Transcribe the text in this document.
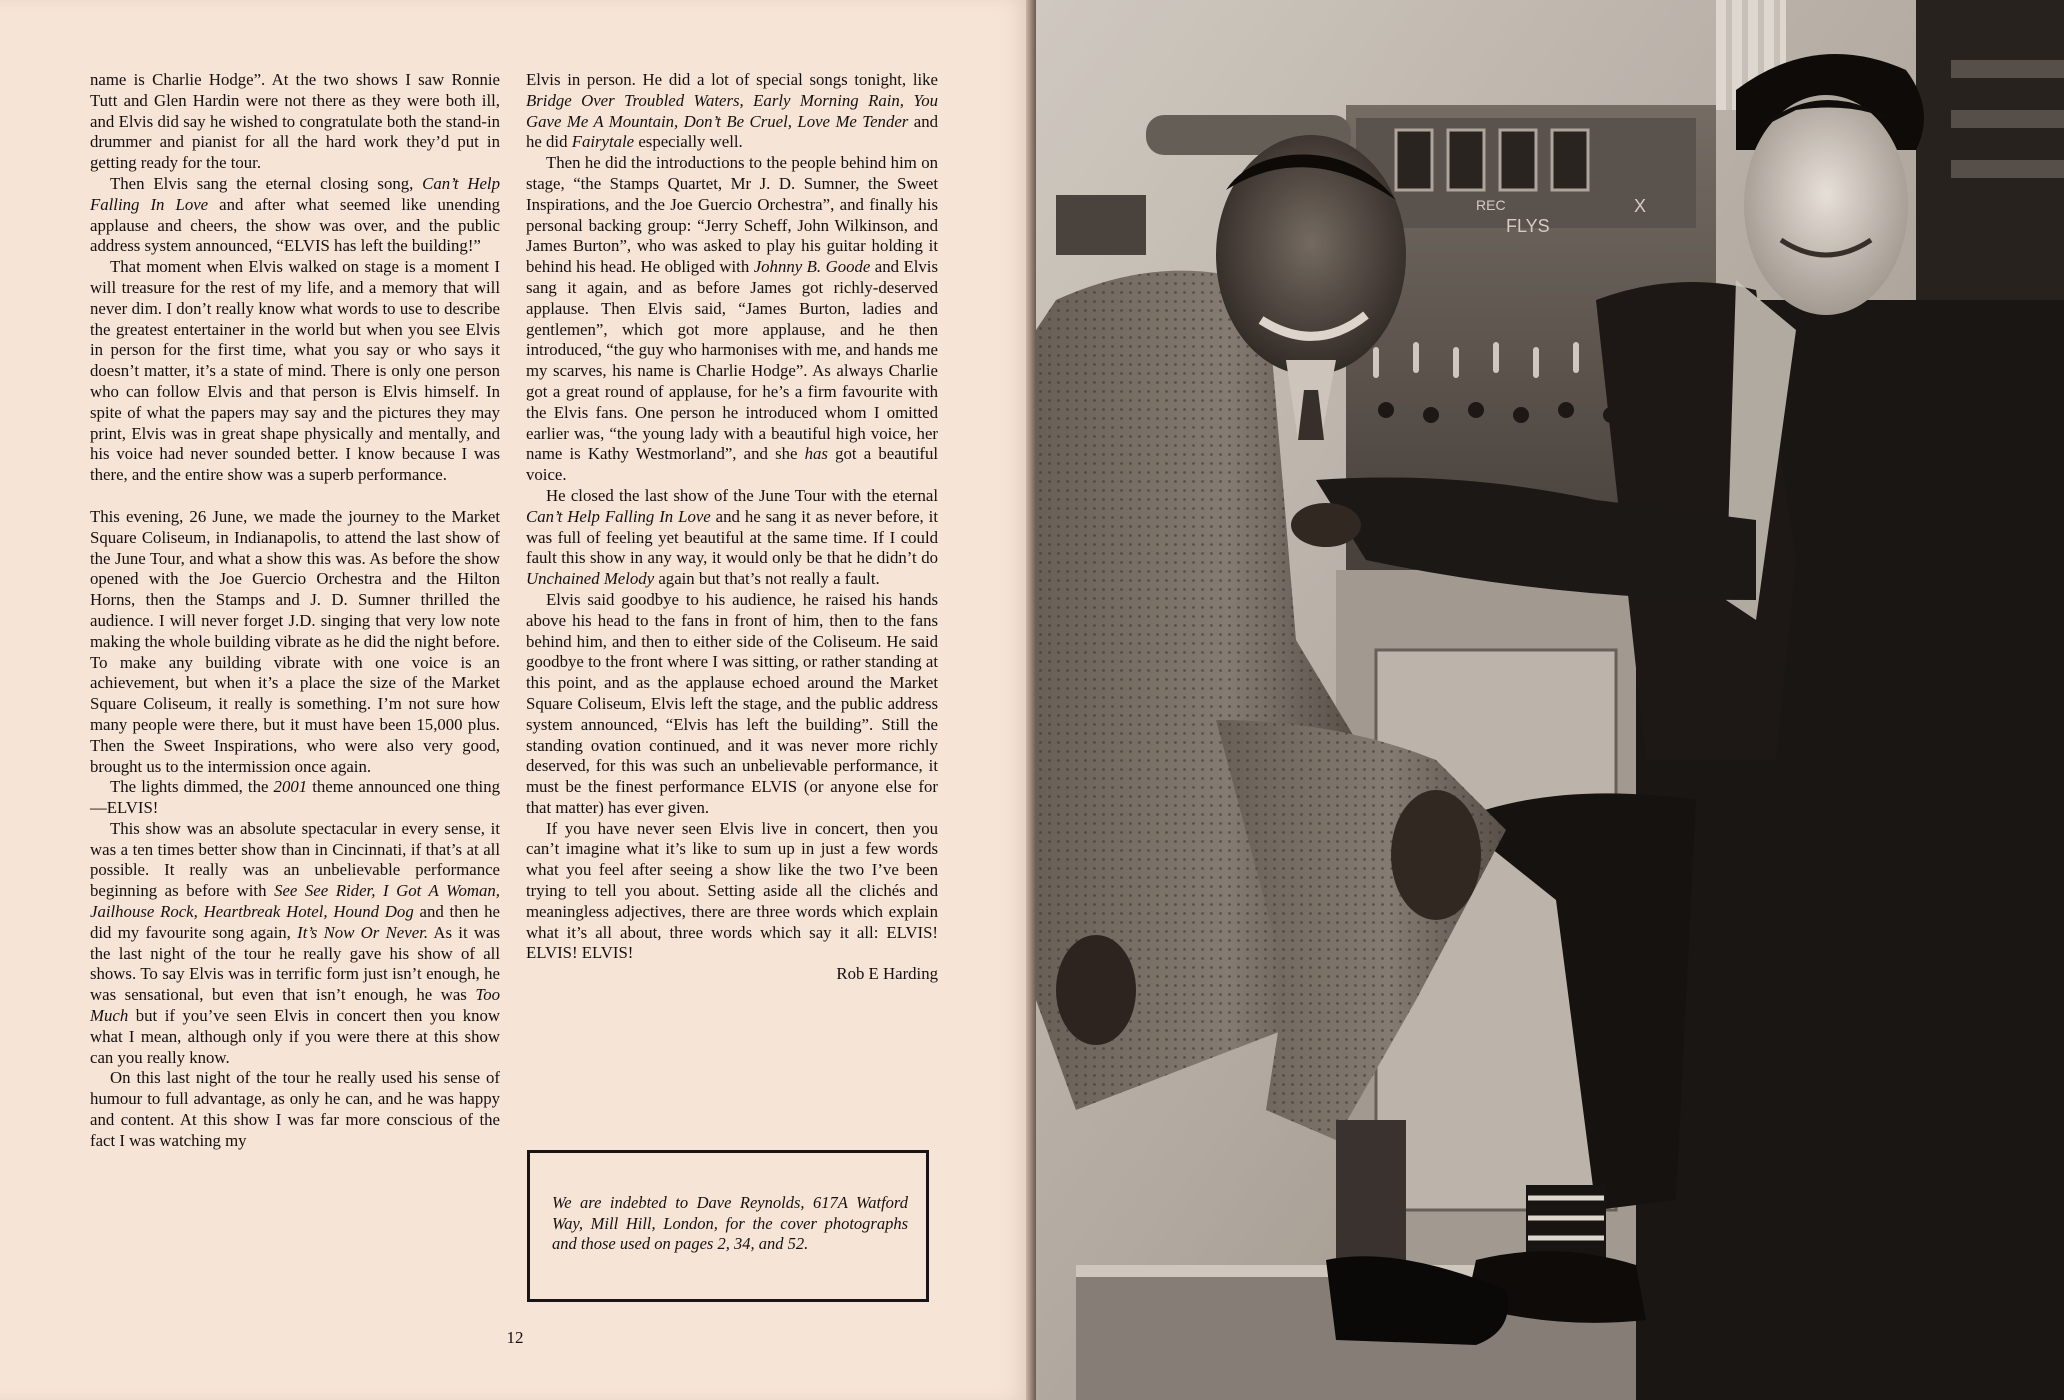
name is Charlie Hodge”. At the two shows I saw Ronnie Tutt and Glen Hardin were not there as they were both ill, and Elvis did say he wished to congratulate both the stand-in drummer and pianist for all the hard work they’d put in getting ready for the tour.

Then Elvis sang the eternal closing song, Can’t Help Falling In Love and after what seemed like unending applause and cheers, the show was over, and the public address system announced, “ELVIS has left the building!”

That moment when Elvis walked on stage is a moment I will treasure for the rest of my life, and a memory that will never dim. I don’t really know what words to use to describe the greatest entertainer in the world but when you see Elvis in person for the first time, what you say or who says it doesn’t matter, it’s a state of mind. There is only one person who can follow Elvis and that person is Elvis himself. In spite of what the papers may say and the pictures they may print, Elvis was in great shape physically and mentally, and his voice had never sounded better. I know because I was there, and the entire show was a superb performance.

This evening, 26 June, we made the journey to the Market Square Coliseum, in Indianapolis, to attend the last show of the June Tour, and what a show this was. As before the show opened with the Joe Guercio Orchestra and the Hilton Horns, then the Stamps and J. D. Sumner thrilled the audience. I will never forget J.D. singing that very low note making the whole building vibrate as he did the night before. To make any building vibrate with one voice is an achievement, but when it’s a place the size of the Market Square Coliseum, it really is something. I’m not sure how many people were there, but it must have been 15,000 plus. Then the Sweet Inspirations, who were also very good, brought us to the intermission once again.

The lights dimmed, the 2001 theme announced one thing—ELVIS!

This show was an absolute spectacular in every sense, it was a ten times better show than in Cincinnati, if that’s at all possible. It really was an unbelievable performance beginning as before with See See Rider, I Got A Woman, Jailhouse Rock, Heartbreak Hotel, Hound Dog and then he did my favourite song again, It’s Now Or Never. As it was the last night of the tour he really gave his show of all shows. To say Elvis was in terrific form just isn’t enough, he was sensational, but even that isn’t enough, he was Too Much but if you’ve seen Elvis in concert then you know what I mean, although only if you were there at this show can you really know.

On this last night of the tour he really used his sense of humour to full advantage, as only he can, and he was happy and content. At this show I was far more conscious of the fact I was watching my

Elvis in person. He did a lot of special songs tonight, like Bridge Over Troubled Waters, Early Morning Rain, You Gave Me A Mountain, Don’t Be Cruel, Love Me Tender and he did Fairytale especially well.

Then he did the introductions to the people behind him on stage, “the Stamps Quartet, Mr J. D. Sumner, the Sweet Inspirations, and the Joe Guercio Orchestra”, and finally his personal backing group: “Jerry Scheff, John Wilkinson, and James Burton”, who was asked to play his guitar holding it behind his head. He obliged with Johnny B. Goode and Elvis sang it again, and as before James got richly-deserved applause. Then Elvis said, “James Burton, ladies and gentlemen”, which got more applause, and he then introduced, “the guy who harmonises with me, and hands me my scarves, his name is Charlie Hodge”. As always Charlie got a great round of applause, for he’s a firm favourite with the Elvis fans. One person he introduced whom I omitted earlier was, “the young lady with a beautiful high voice, her name is Kathy Westmorland”, and she has got a beautiful voice.

He closed the last show of the June Tour with the eternal Can’t Help Falling In Love and he sang it as never before, it was full of feeling yet beautiful at the same time. If I could fault this show in any way, it would only be that he didn’t do Unchained Melody again but that’s not really a fault.

Elvis said goodbye to his audience, he raised his hands above his head to the fans in front of him, then to the fans behind him, and then to either side of the Coliseum. He said goodbye to the front where I was sitting, or rather standing at this point, and as the applause echoed around the Market Square Coliseum, Elvis left the stage, and the public address system announced, “Elvis has left the building”. Still the standing ovation continued, and it was never more richly deserved, for this was such an unbelievable performance, it must be the finest performance ELVIS (or anyone else for that matter) has ever given.

If you have never seen Elvis live in concert, then you can’t imagine what it’s like to sum up in just a few words what you feel after seeing a show like the two I’ve been trying to tell you about. Setting aside all the clichés and meaningless adjectives, there are three words which explain what it’s all about, three words which say it all: ELVIS! ELVIS! ELVIS!

Rob E Harding

We are indebted to Dave Reynolds, 617A Watford Way, Mill Hill, London, for the cover photographs and those used on pages 2, 34, and 52.
12
REC
FLYS
X
